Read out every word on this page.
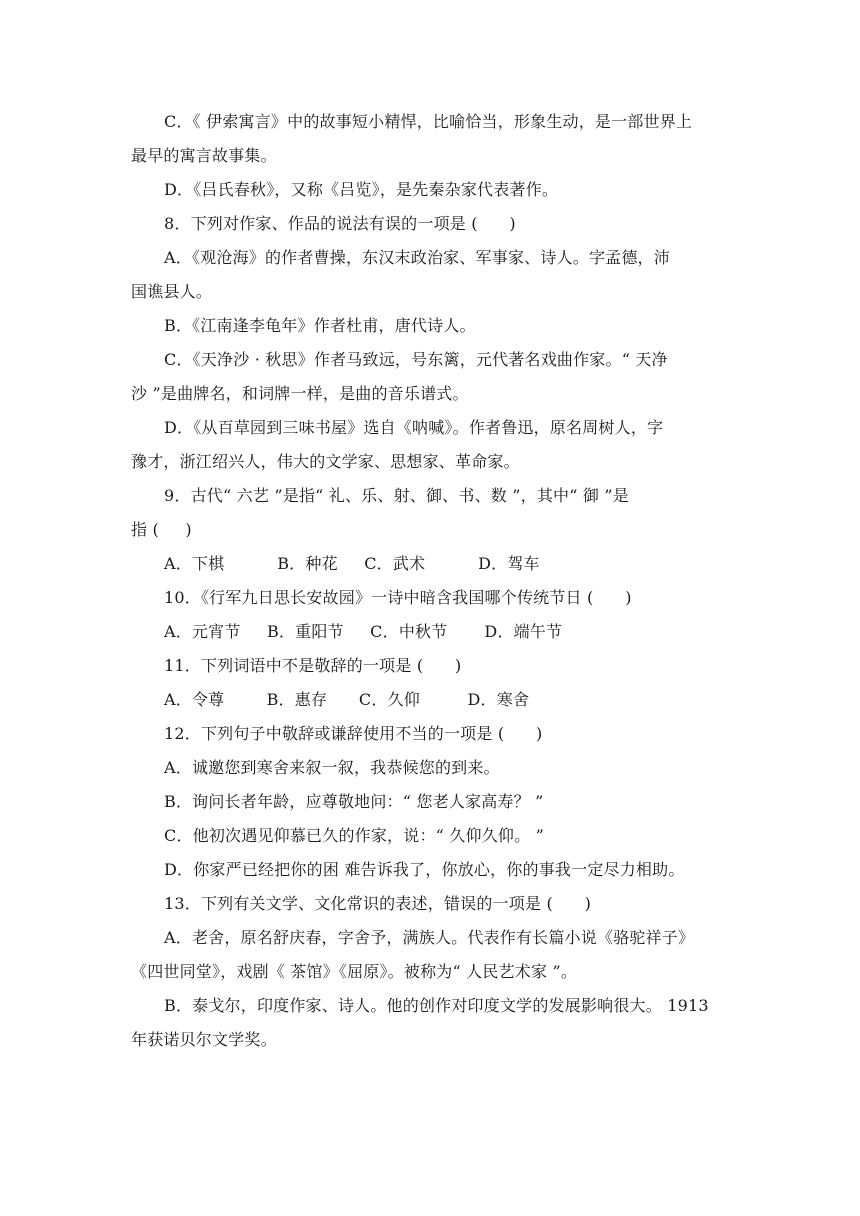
C．《 伊索寓言》中的故事短小精悍，比喻恰当，形象生动，是一部世界上
最早的寓言故事集。
D．《吕氏春秋》，又称《吕览》，是先秦杂家代表著作。
8．下列对作家、作品的说法有误的一项是 (      )
A．《观沧海》的作者曹操，东汉末政治家、军事家、诗人。字孟德，沛
国谯县人。
B．《江南逢李龟年》作者杜甫，唐代诗人。
C．《天净沙 · 秋思》作者马致远，号东篱，元代著名戏曲作家。“ 天净
沙 ”是曲牌名，和词牌一样，是曲的音乐谱式。
D．《从百草园到三味书屋》选自《呐喊》。作者鲁迅，原名周树人，字
豫才，浙江绍兴人，伟大的文学家、思想家、革命家。
9．古代“ 六艺 ”是指“ 礼、乐、射、御、书、数 ”，其中“ 御 ”是
指 (     )
A．下棋          B．种花     C．武术          D．驾车
10．《行军九日思长安故园》一诗中暗含我国哪个传统节日 (      )
A．元宵节     B．重阳节     C．中秋节       D．端午节
11．下列词语中不是敬辞的一项是 (      )
A．令尊        B．惠存      C．久仰         D．寒舍
12．下列句子中敬辞或谦辞使用不当的一项是 (      )
A．诚邀您到寒舍来叙一叙，我恭候您的到来。
B．询问长者年龄，应尊敬地问：“ 您老人家高寿？ ”
C．他初次遇见仰慕已久的作家，说：“ 久仰久仰。 ”
D．你家严已经把你的困 难告诉我了，你放心，你的事我一定尽力相助。
13．下列有关文学、文化常识的表述，错误的一项是 (      )
A．老舍，原名舒庆春，字舍予，满族人。代表作有长篇小说《骆驼祥子》
《四世同堂》，戏剧《 茶馆》《屈原》。被称为“ 人民艺术家 ”。
B．泰戈尔，印度作家、诗人。他的创作对印度文学的发展影响很大。 1913
年获诺贝尔文学奖。
